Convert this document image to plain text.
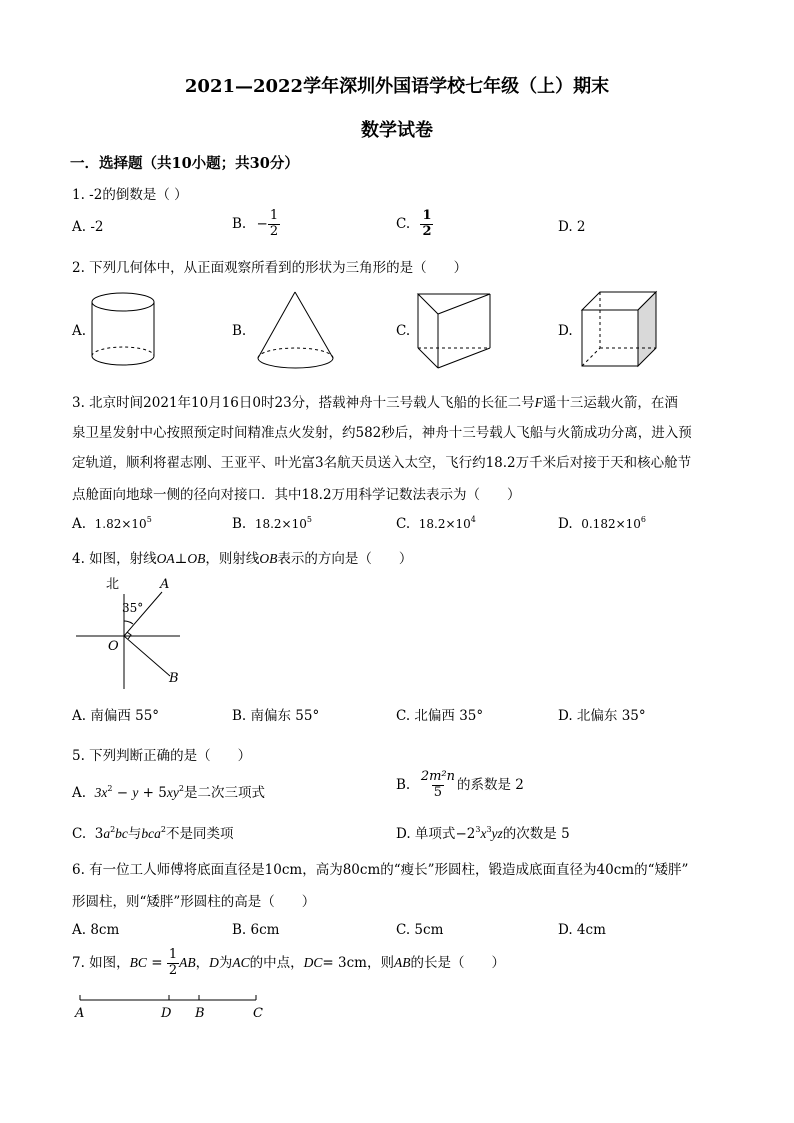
2021—2022学年深圳外国语学校七年级（上）期末
数学试卷
一．选择题（共10小题；共30分）
1. -2的倒数是（ ）
A. -2	B. − $\frac{1}{2}$	C. $\frac{1}{2}$	D. 2
2. 下列几何体中，从正面观察所看到的形状为三角形的是（　　）
A.	B.	C.	D.
3. 北京时间2021年10月16日0时23分，搭载神舟十三号载人飞船的长征二号F遥十三运载火箭，在酒
泉卫星发射中心按照预定时间精准点火发射，约582秒后，神舟十三号载人飞船与火箭成功分离，进入预
定轨道，顺利将翟志刚、王亚平、叶光富3名航天员送入太空，飞行约18.2万千米后对接于天和核心舱节
点舱面向地球一侧的径向对接口．其中18.2万用科学记数法表示为（　　）
A. $1.82\times 10^5$	B. $18.2\times 10^5$	C. $18.2\times 10^4$	D. $0.182\times 10^6$
4. 如图，射线OA⊥OB，则射线OB表示的方向是（　　）
北	A
35°
O
B
A. 南偏西 55°	B. 南偏东 55°	C. 北偏西 35°	D. 北偏东 35°
5. 下列判断正确的是（　　）
A. $3x^2 - y + 5xy^2$是二次三项式
B. $\frac{\text{2m²n}}{5}$ 的系数是 2
C. $3a^2bc$与bca$^2$不是同类项	D. 单项式$-2^3x^3yz$的次数是 5
6. 有一位工人师傅将底面直径是10cm，高为80cm的“瘦长”形圆柱，锻造成底面直径为40cm的“矮胖”
形圆柱，则“矮胖”形圆柱的高是（　　）
A. 8cm	B. 6cm	C. 5cm	D. 4cm
7. 如图，BC = $\frac{1}{2}$ AB，D为AC的中点，DC= 3cm，则AB的长是（　　）
A	D B	C
